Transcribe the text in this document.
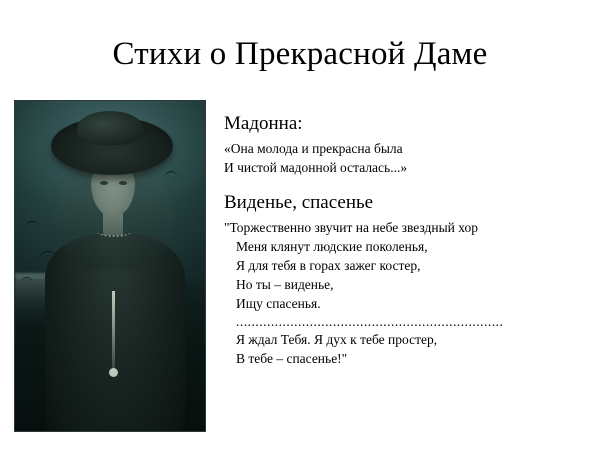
Стихи о Прекрасной Даме
Мадонна:
«Она молода и прекрасна была
И чистой мадонной осталась...»
Виденье, спасенье
"Торжественно звучит на небе звездный хор
Меня клянут людские поколенья,
Я для тебя в горах зажег костер,
Но ты – виденье,
Ищу спасенья.
.....................................................................
Я ждал Тебя. Я дух к тебе простер,
В тебе – спасенье!"
